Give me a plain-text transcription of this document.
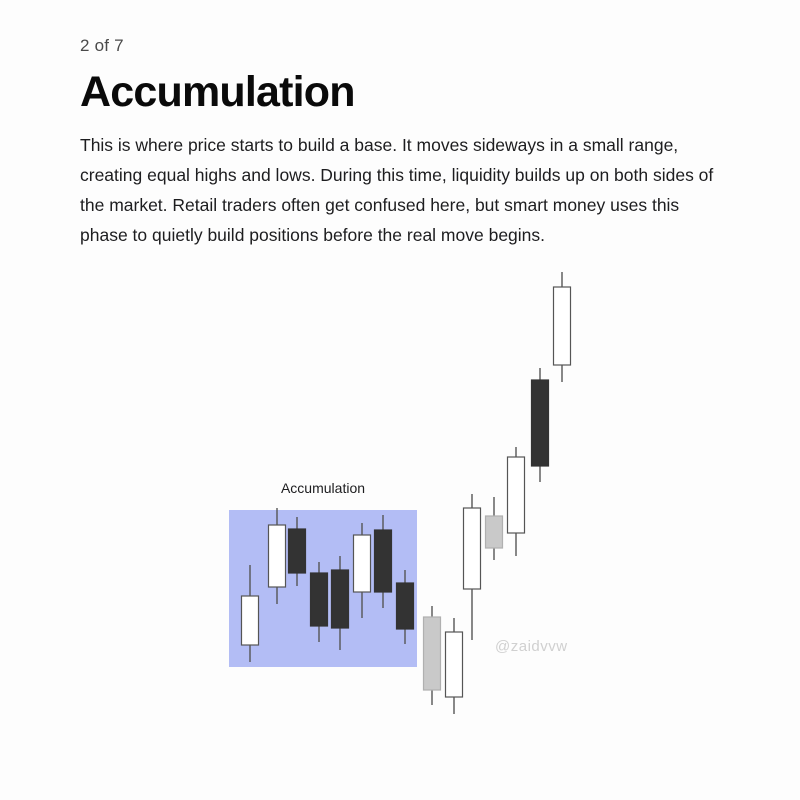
2 of 7
Accumulation

This is where price starts to build a base. It moves sideways in a small range, creating equal highs and lows. During this time, liquidity builds up on both sides of the market. Retail traders often get confused here, but smart money uses this phase to quietly build positions before the real move begins.

Accumulation
@zaidvvw
